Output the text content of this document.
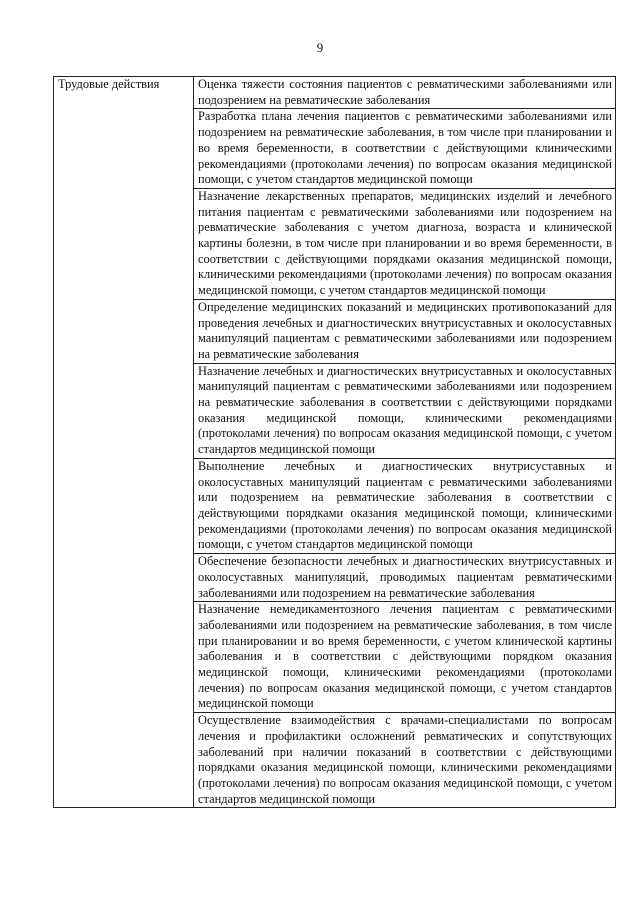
9
Трудовые действия	Оценка тяжести состояния пациентов с ревматическими заболеваниями или подозрением на ревматические заболевания
Разработка плана лечения пациентов с ревматическими заболеваниями или подозрением на ревматические заболевания, в том числе при планировании и во время беременности, в соответствии с действующими клиническими рекомендациями (протоколами лечения) по вопросам оказания медицинской помощи, с учетом стандартов медицинской помощи
Назначение лекарственных препаратов, медицинских изделий и лечебного питания пациентам с ревматическими заболеваниями или подозрением на ревматические заболевания с учетом диагноза, возраста и клинической картины болезни, в том числе при планировании и во время беременности, в соответствии с действующими порядками оказания медицинской помощи, клиническими рекомендациями (протоколами лечения) по вопросам оказания медицинской помощи, с учетом стандартов медицинской помощи
Определение медицинских показаний и медицинских противопоказаний для проведения лечебных и диагностических внутрисуставных и околосуставных манипуляций пациентам с ревматическими заболеваниями или подозрением на ревматические заболевания
Назначение лечебных и диагностических внутрисуставных и околосуставных манипуляций пациентам с ревматическими заболеваниями или подозрением на ревматические заболевания в соответствии с действующими порядками оказания медицинской помощи, клиническими рекомендациями (протоколами лечения) по вопросам оказания медицинской помощи, с учетом стандартов медицинской помощи
Выполнение лечебных и диагностических внутрисуставных и околосуставных манипуляций пациентам с ревматическими заболеваниями или подозрением на ревматические заболевания в соответствии с действующими порядками оказания медицинской помощи, клиническими рекомендациями (протоколами лечения) по вопросам оказания медицинской помощи, с учетом стандартов медицинской помощи
Обеспечение безопасности лечебных и диагностических внутрисуставных и околосуставных манипуляций, проводимых пациентам ревматическими заболеваниями или подозрением на ревматические заболевания
Назначение немедикаментозного лечения пациентам с ревматическими заболеваниями или подозрением на ревматические заболевания, в том числе при планировании и во время беременности, с учетом клинической картины заболевания и в соответствии с действующими порядком оказания медицинской помощи, клиническими рекомендациями (протоколами лечения) по вопросам оказания медицинской помощи, с учетом стандартов медицинской помощи
Осуществление взаимодействия с врачами-специалистами по вопросам лечения и профилактики осложнений ревматических и сопутствующих заболеваний при наличии показаний в соответствии с действующими порядками оказания медицинской помощи, клиническими рекомендациями (протоколами лечения) по вопросам оказания медицинской помощи, с учетом стандартов медицинской помощи
